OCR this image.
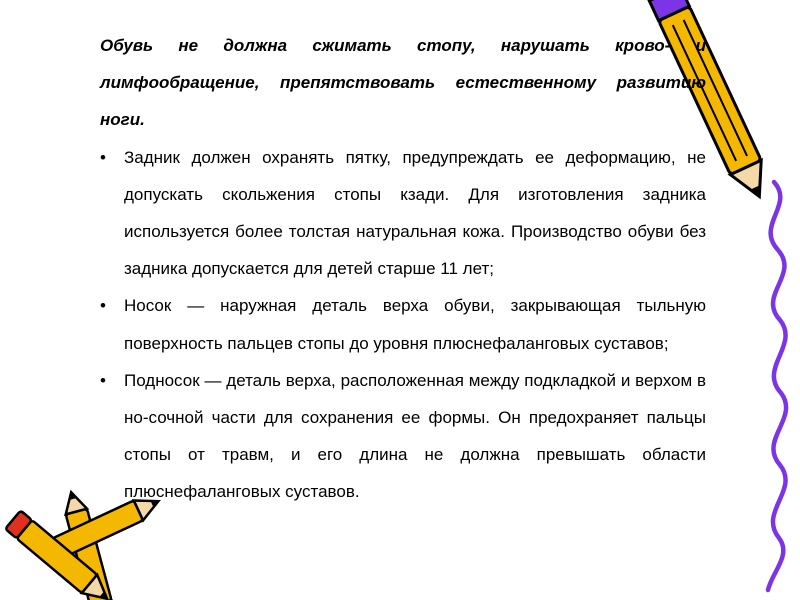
Обувь не должна сжимать стопу, нарушать крово- и лимфообращение, препятствовать естественному развитию ноги.

• Задник должен охранять пятку, предупреждать ее деформацию, не допускать скольжения стопы кзади. Для изготовления задника используется более толстая натуральная кожа. Производство обуви без задника допускается для детей старше 11 лет;
• Носок — наружная деталь верха обуви, закрывающая тыльную поверхность пальцев стопы до уровня плюснефаланговых суставов;
• Подносок — деталь верха, расположенная между подкладкой и верхом в но-сочной части для сохранения ее формы. Он предохраняет пальцы стопы от травм, и его длина не должна превышать области плюснефаланговых суставов.
